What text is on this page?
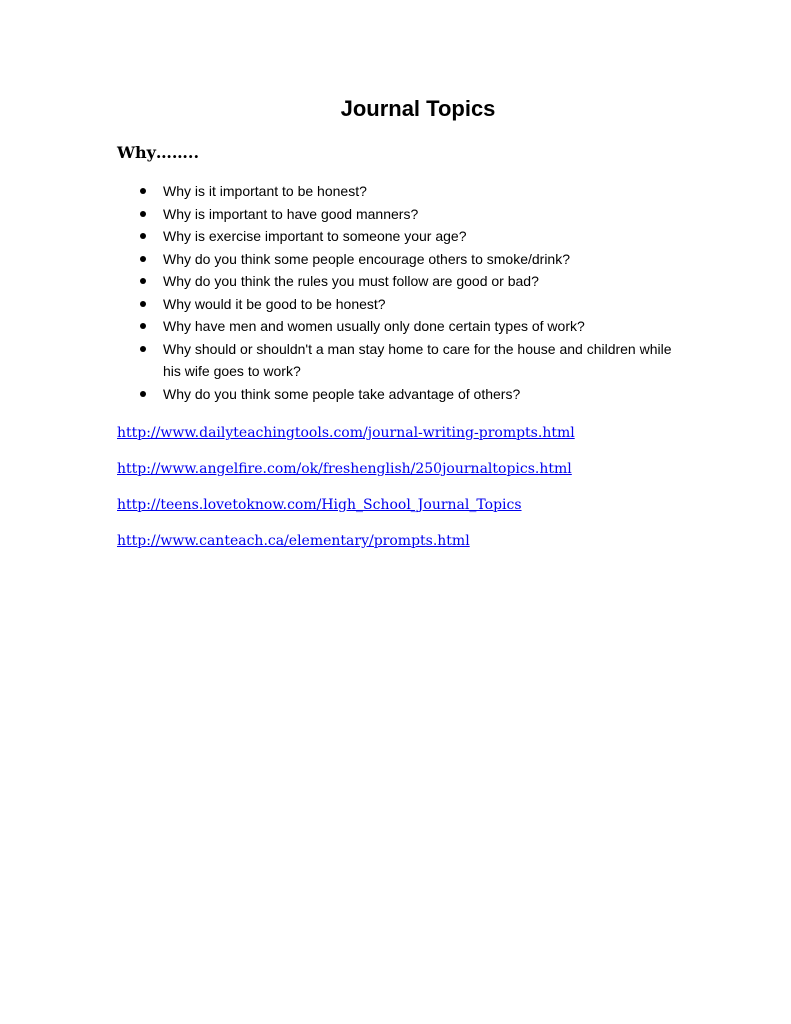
Journal Topics
Why……..
Why is it important to be honest?
Why is important to have good manners?
Why is exercise important to someone your age?
Why do you think some people encourage others to smoke/drink?
Why do you think the rules you must follow are good or bad?
Why would it be good to be honest?
Why have men and women usually only done certain types of work?
Why should or shouldn't a man stay home to care for the house and children while his wife goes to work?
Why do you think some people take advantage of others?
http://www.dailyteachingtools.com/journal-writing-prompts.html
http://www.angelfire.com/ok/freshenglish/250journaltopics.html
http://teens.lovetoknow.com/High_School_Journal_Topics
http://www.canteach.ca/elementary/prompts.html
